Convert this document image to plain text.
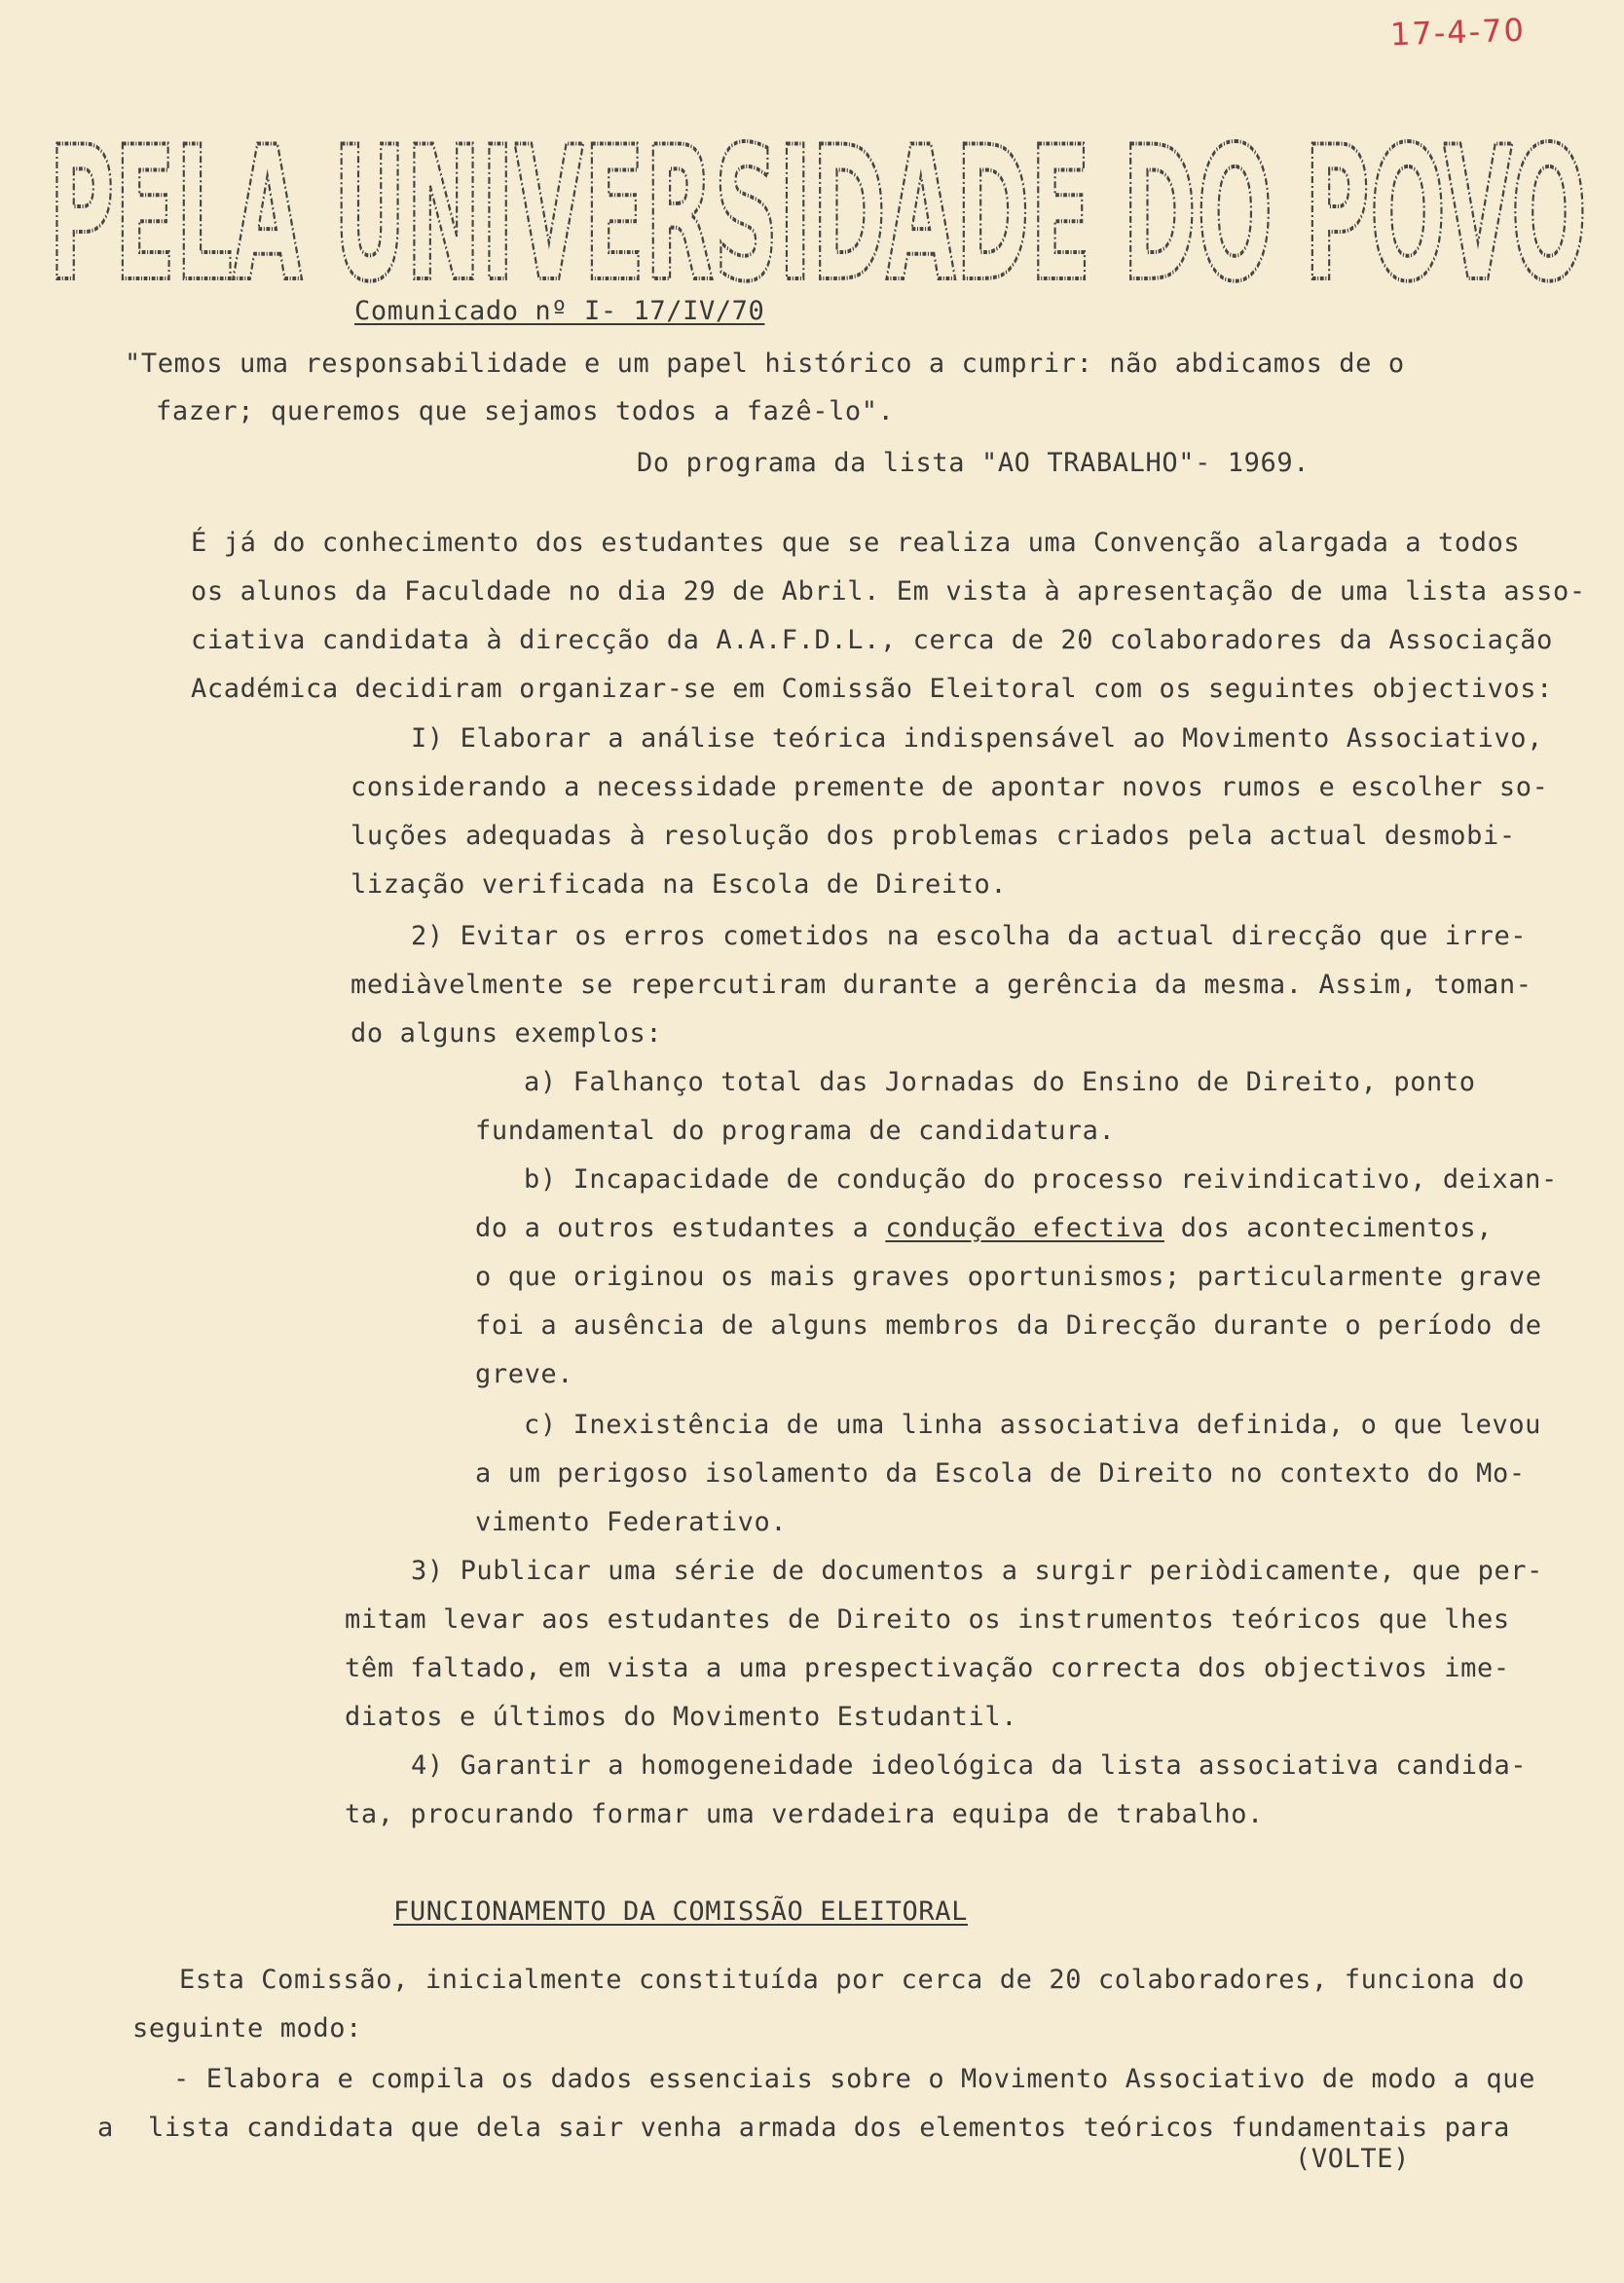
17-4-70
PELA UNIVERSIDADE DO POVO
Comunicado nº I- 17/IV/70
"Temos uma responsabilidade e um papel histórico a cumprir: não abdicamos de o
fazer; queremos que sejamos todos a fazê-lo".
Do programa da lista "AO TRABALHO"- 1969.
É já do conhecimento dos estudantes que se realiza uma Convenção alargada a todos
os alunos da Faculdade no dia 29 de Abril. Em vista à apresentação de uma lista asso-
ciativa candidata à direcção da A.A.F.D.L., cerca de 20 colaboradores da Associação
Académica decidiram organizar-se em Comissão Eleitoral com os seguintes objectivos:
I) Elaborar a análise teórica indispensável ao Movimento Associativo,
considerando a necessidade premente de apontar novos rumos e escolher so-
luções adequadas à resolução dos problemas criados pela actual desmobi-
lização verificada na Escola de Direito.
2) Evitar os erros cometidos na escolha da actual direcção que irre-
mediàvelmente se repercutiram durante a gerência da mesma. Assim, toman-
do alguns exemplos:
a) Falhanço total das Jornadas do Ensino de Direito, ponto
fundamental do programa de candidatura.
b) Incapacidade de condução do processo reivindicativo, deixan-
do a outros estudantes a condução efectiva dos acontecimentos,
o que originou os mais graves oportunismos; particularmente grave
foi a ausência de alguns membros da Direcção durante o período de
greve.
c) Inexistência de uma linha associativa definida, o que levou
a um perigoso isolamento da Escola de Direito no contexto do Mo-
vimento Federativo.
3) Publicar uma série de documentos a surgir periòdicamente, que per-
mitam levar aos estudantes de Direito os instrumentos teóricos que lhes
têm faltado, em vista a uma prespectivação correcta dos objectivos ime-
diatos e últimos do Movimento Estudantil.
4) Garantir a homogeneidade ideológica da lista associativa candida-
ta, procurando formar uma verdadeira equipa de trabalho.
FUNCIONAMENTO DA COMISSÃO ELEITORAL
Esta Comissão, inicialmente constituída por cerca de 20 colaboradores, funciona do
seguinte modo:
- Elabora e compila os dados essenciais sobre o Movimento Associativo de modo a que
a lista candidata que dela sair venha armada dos elementos teóricos fundamentais para
(VOLTE)
